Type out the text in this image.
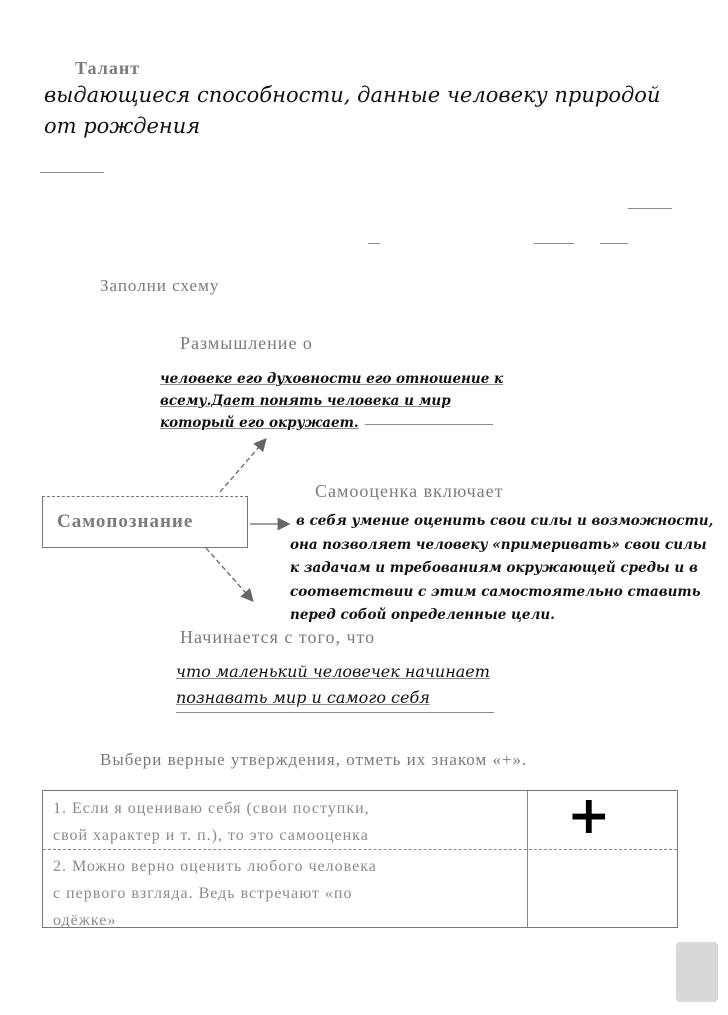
Талант
выдающиеся способности, данные человеку природой
от рождения
Заполни схему
Размышление о
человеке его духовности его отношение к
всему.Дает понять человека и мир
который его окружает.
Самопознание
Самооценка включает
в себя умение оценить свои силы и возможности,
она позволяет человеку «примеривать» свои силы
к задачам и требованиям окружающей среды и в
соответствии с этим самостоятельно ставить
перед собой определенные цели.
Начинается с того, что
что маленький человечек начинает
познавать мир и самого себя
Выбери верные утверждения, отметь их знаком «+».
1. Если я оцениваю себя (свои поступки,
свой характер и т. п.), то это самооценка	+
2. Можно верно оценить любого человека
с первого взгляда. Ведь встречают «по
одёжке»
